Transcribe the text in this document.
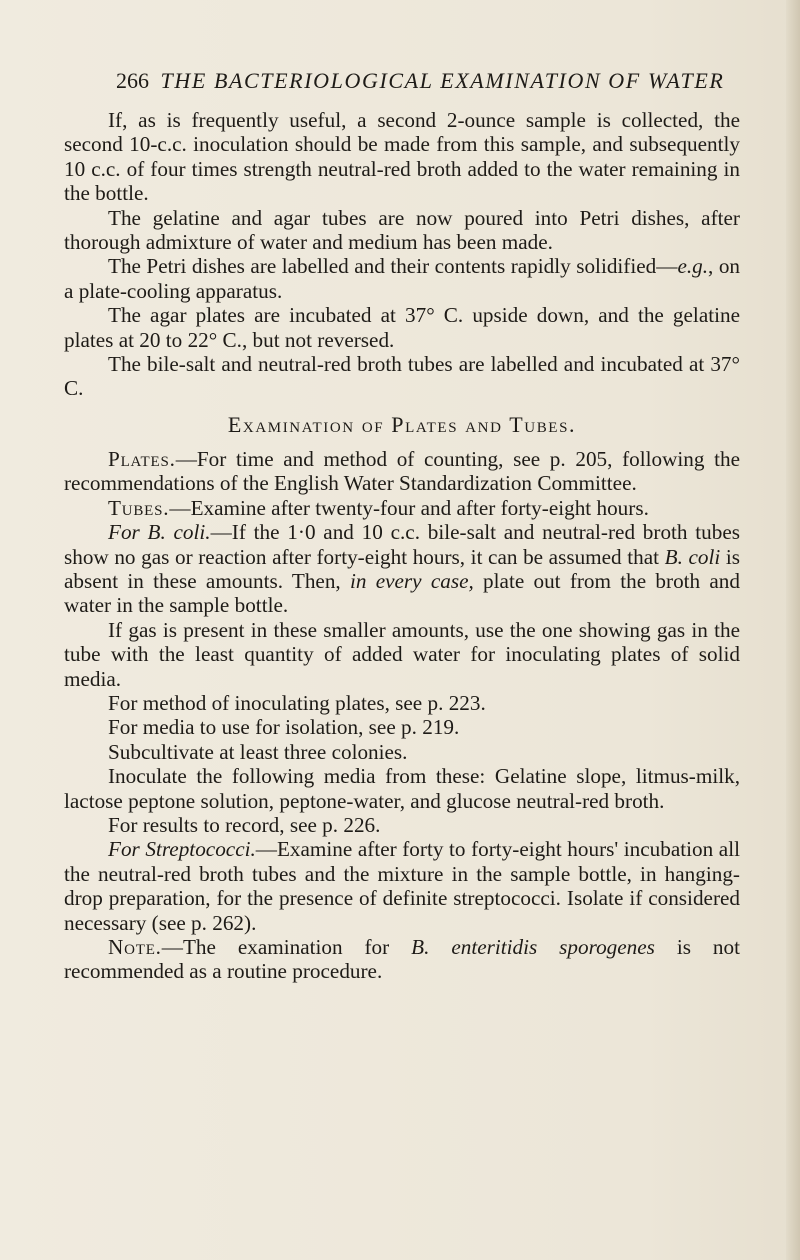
266 THE BACTERIOLOGICAL EXAMINATION OF WATER

If, as is frequently useful, a second 2-ounce sample is collected, the second 10-c.c. inoculation should be made from this sample, and subsequently 10 c.c. of four times strength neutral-red broth added to the water remaining in the bottle.

The gelatine and agar tubes are now poured into Petri dishes, after thorough admixture of water and medium has been made.

The Petri dishes are labelled and their contents rapidly solidified—e.g., on a plate-cooling apparatus.

The agar plates are incubated at 37° C. upside down, and the gelatine plates at 20 to 22° C., but not reversed.

The bile-salt and neutral-red broth tubes are labelled and incubated at 37° C.

Examination of Plates and Tubes.

Plates.—For time and method of counting, see p. 205, following the recommendations of the English Water Standardization Committee.

Tubes.—Examine after twenty-four and after forty-eight hours.

For B. coli.—If the 1·0 and 10 c.c. bile-salt and neutral-red broth tubes show no gas or reaction after forty-eight hours, it can be assumed that B. coli is absent in these amounts. Then, in every case, plate out from the broth and water in the sample bottle.

If gas is present in these smaller amounts, use the one showing gas in the tube with the least quantity of added water for inoculating plates of solid media.

For method of inoculating plates, see p. 223.

For media to use for isolation, see p. 219.

Subcultivate at least three colonies.

Inoculate the following media from these: Gelatine slope, litmus-milk, lactose peptone solution, peptone-water, and glucose neutral-red broth.

For results to record, see p. 226.

For Streptococci.—Examine after forty to forty-eight hours' incubation all the neutral-red broth tubes and the mixture in the sample bottle, in hanging-drop preparation, for the presence of definite streptococci. Isolate if considered necessary (see p. 262).

Note.—The examination for B. enteritidis sporogenes is not recommended as a routine procedure.
